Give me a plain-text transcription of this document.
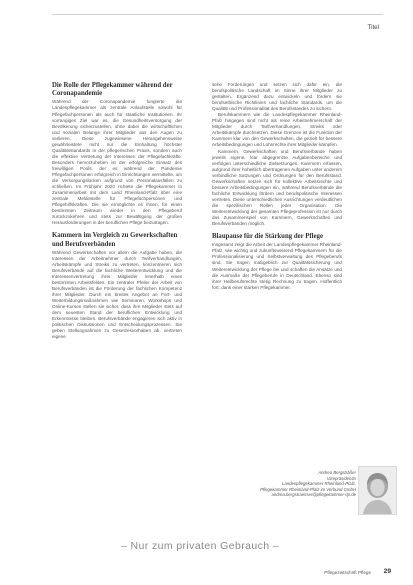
Titel

Die Rolle der Pflegekammer während der Coronapandemie

Während der Coronapandemie fungierte die Landespflegekammer als zentrale Anlaufstelle sowohl für Pflegefachpersonen als auch für staatliche Institutionen. Ihr vorrangiges Ziel war es, die Gesundheitsversorgung der Bevölkerung sicherzustellen, ohne dabei die wirtschaftlichen und sozialen Belange ihrer Mitglieder aus den Augen zu verlieren. Diese zugewiesene Herangehensweise gewährleistete nicht nur die Einhaltung höchster Qualitätsstandards in der pflegerischen Praxis, sondern auch die effektive Vertretung der Interessen der Pflegefachkräfte. Besonders hervorzuheben ist der erfolgreiche Einsatz des freiwilligen Pools, der es während der Pandemie Pflegefachpersonen erfolgreich in Einrichtungen vermittelte, um die Versorgungslücken aufgrund von Personalausfällen zu schließen. Im Frühjahr 2020 richtete die Pflegekammer in Zusammenarbeit mit dem Land Rheinland-Pfalz über eine zentrale Meldestelle für Pflegefachpersonen und Pflegehilfskräften. Die sie ermöglichte es ihnen, für einen bestimmten Zeitraum wieder in den Pflegeberuf zurückzukehren und stets zur Bewältigung der großen Herausforderungen in der beruflichen Pflege beizutragen.

Kammern im Vergleich zu Gewerkschaften und Berufsverbänden

Während Gewerkschaften vor allem die Aufgabe haben, die Interessen der Arbeitnehmer durch Tarifverhandlungen, Arbeitskämpfe und Streiks zu vertreten, konzentrieren sich Berufsverbände auf die fachliche Weiterentwicklung und die Interessenvertretung ihrer Mitglieder innerhalb eines bestimmten Arbeitsfeldes. Ein zentraler Pfeiler der Arbeit von Berufsverbänden ist die Förderung der fachlichen Kompetenz ihrer Mitglieder. Durch ein breites Angebot an Fort- und Weiterbildungsmaßnahmen wie Seminaren, Workshops und Online-Kursen stellen sie sicher, dass ihre Mitglieder stets auf dem neuesten Stand der beruflichen Entwicklung und Erkenntnisse bleiben. Berufsverbände engagieren sich aktiv in politischen Diskussionen und Entscheidungsprozessen. Sie geben Stellungnahmen zu Gesetzesvorhaben ab, vertreten eigene

sehe Forderungen und setzen sich dafür ein, die berufspolitische Landschaft im Sinne ihrer Mitglieder zu gestalten. Ergänzend dazu entwickeln und fördern sie berufsethische Richtlinien und fachliche Standards, um die Qualität und Professionalität des Berufsstandes zu sichern.

Berufskammern wie die Landespflegekammer Rheinland-Pfalz hingegen sind nicht als reine Arbeitnehmerschaft der Mitglieder durch Tarifverhandlungen, Streiks oder Arbeitskämpfe durchsetzen. Diese Grenzen ist die Funktion der Kammern klar von den Gewerkschaften, die gezielt für bessere Arbeitsbedingungen und Lohnrechte ihrer Mitglieder kämpfen.

Kammern, Gewerkschaften und Berufsverbände haben jeweils eigene, klar abgegrenzte Aufgabenbereiche und verfolgen unterschiedliche Zielsetzungen. Kammern erfassen, aufgrund ihrer hoheitlich übertragenen Aufgaben unter anderem verbindliche Satzungen und Ordnungen für den Berufsstand. Gewerkschaften setzen sich für kollektive Arbeitsrechte und bessere Arbeitsbedingungen ein, während Berufsverbände die fachliche Entwicklung fördern und berufspolitische Interessen vertreten. Diese unterschiedlichen Ausrichtungen verdeutlichen die spezifischen Rollen jeder Organisation: Die Weiterentwicklung der gesamten Pflegeprofession ist nur durch das Zusammenspiel von Kammern, Gewerkschaften und Berufsverbänden möglich.

Blaupause für die Stärkung der Pflege

Insgesamt zeigt die Arbeit der Landespflegekammer Rheinland-Pfalz, wie wichtig und zukunftsweisend Pflegekammern für die Professionalisierung und Selbstverwaltung des Pflegeberufs sind. Sie tragen maßgeblich zur Qualitätssicherung und Weiterentwicklung der Pflege bei und schaffen die Ansätze und die Ausmaße der Pflegeberufe in Deutschland. Ebenso sind ihrer Heilberufsrechte stetig Rechnung zu tragen. Hoffentlich fort: dank einer starken Pflegekammer.

Andrea Bergsträßer
Vizepräsidentin
Landespflegekammer Rheinland-Pfalz,
Pflegekammer Rheinland-Pfalz im Verbund GmbH
andrea.bergstraesser@pflegekammer-rlp.de
– Nur zum privaten Gebrauch –
Pflegezeitschrift Pflege 29
